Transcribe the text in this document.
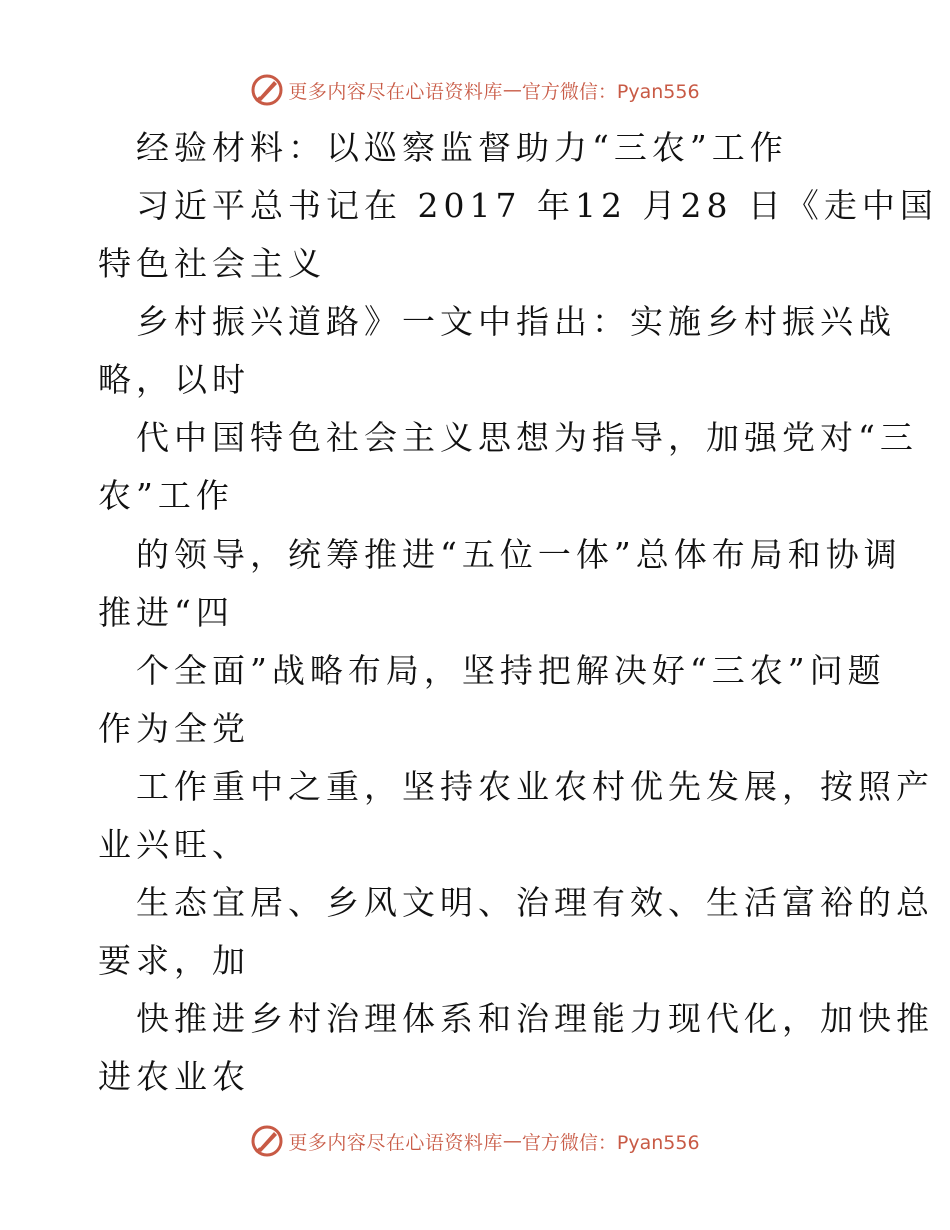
更多内容尽在心语资料库 — 官方微信：Pyan556
经验材料：以巡察监督助力“三农”工作
习近平总书记在 2017 年12 月28 日《走中国
特色社会主义
乡村振兴道路》一文中指出：实施乡村振兴战
略，以时
代中国特色社会主义思想为指导，加强党对“三
农”工作
的领导，统筹推进“五位一体”总体布局和协调
推进“四
个全面”战略布局，坚持把解决好“三农”问题
作为全党
工作重中之重，坚持农业农村优先发展，按照产
业兴旺、
生态宜居、乡风文明、治理有效、生活富裕的总
要求，加
快推进乡村治理体系和治理能力现代化，加快推
进农业农
更多内容尽在心语资料库 — 官方微信：Pyan556
